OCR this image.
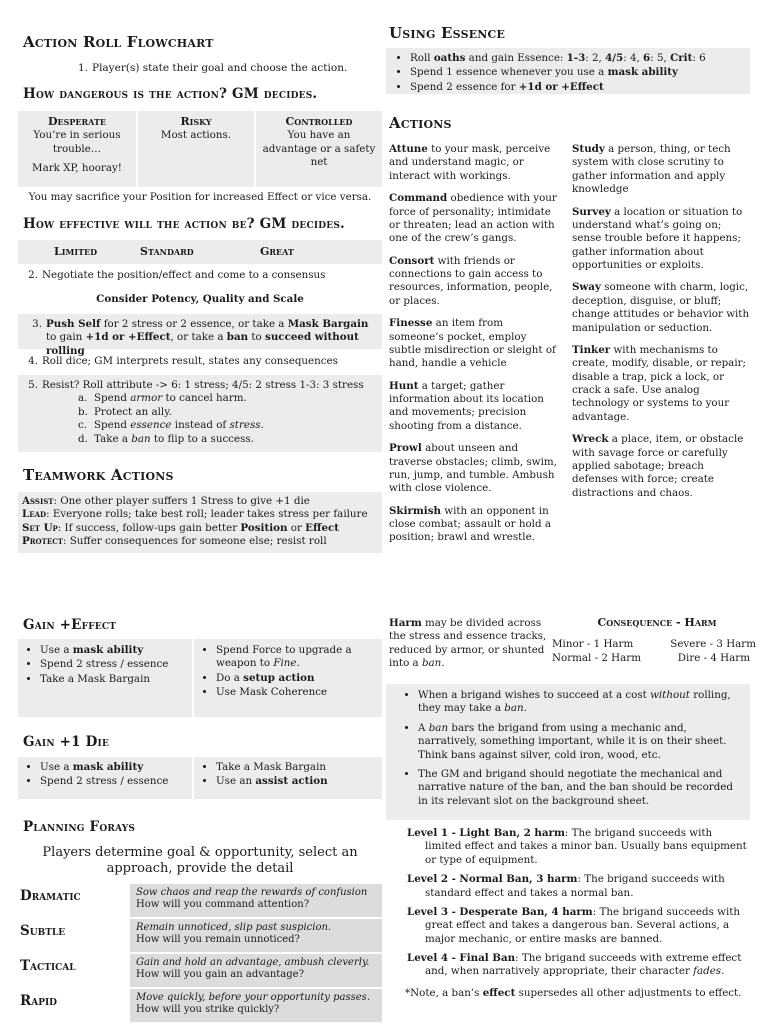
Action Roll Flowchart
1. Player(s) state their goal and choose the action.
How dangerous is the action? GM decides.
Desperate
You’re in serious trouble…
Mark XP, hooray!
Risky
Most actions.
Controlled
You have an advantage or a safety net
You may sacrifice your Position for increased Effect or vice versa.
How effective will the action be? GM decides.
Limited	Standard	Great
2. Negotiate the position/effect and come to a consensus
Consider Potency, Quality and Scale
3. Push Self for 2 stress or 2 essence, or take a Mask Bargain to gain +1d or +Effect, or take a ban to succeed without rolling
4. Roll dice; GM interprets result, states any consequences
5. Resist? Roll attribute -> 6: 1 stress; 4/5: 2 stress 1-3: 3 stress
a. Spend armor to cancel harm.
b. Protect an ally.
c. Spend essence instead of stress.
d. Take a ban to flip to a success.
Teamwork Actions
Assist: One other player suffers 1 Stress to give +1 die
Lead: Everyone rolls; take best roll; leader takes stress per failure
Set Up: If success, follow-ups gain better Position or Effect
Protect: Suffer consequences for someone else; resist roll
Using Essence
• Roll oaths and gain Essence: 1-3: 2, 4/5: 4, 6: 5, Crit: 6
• Spend 1 essence whenever you use a mask ability
• Spend 2 essence for +1d or +Effect
Actions

Attune to your mask, perceive and understand magic, or interact with workings.

Command obedience with your force of personality; intimidate or threaten; lead an action with one of the crew’s gangs.

Consort with friends or connections to gain access to resources, information, people, or places.

Finesse an item from someone’s pocket, employ subtle misdirection or sleight of hand, handle a vehicle

Hunt a target; gather information about its location and movements; precision shooting from a distance.

Prowl about unseen and traverse obstacles; climb, swim, run, jump, and tumble. Ambush with close violence.

Skirmish with an opponent in close combat; assault or hold a position; brawl and wrestle.

Study a person, thing, or tech system with close scrutiny to gather information and apply knowledge

Survey a location or situation to understand what’s going on; sense trouble before it happens; gather information about opportunities or exploits.

Sway someone with charm, logic, deception, disguise, or bluff; change attitudes or behavior with manipulation or seduction.

Tinker with mechanisms to create, modify, disable, or repair; disable a trap, pick a lock, or crack a safe. Use analog technology or systems to your advantage.

Wreck a place, item, or obstacle with savage force or carefully applied sabotage; breach defenses with force; create distractions and chaos.

Gain +Effect
• Use a mask ability
• Spend 2 stress / essence
• Take a Mask Bargain
• Spend Force to upgrade a weapon to Fine.
• Do a setup action
• Use Mask Coherence
Gain +1 Die
• Use a mask ability
• Spend 2 stress / essence
• Take a Mask Bargain
• Use an assist action
Planning Forays
Players determine goal & opportunity, select an approach, provide the detail
Dramatic	Sow chaos and reap the rewards of confusion
How will you command attention?
Subtle	Remain unnoticed, slip past suspicion.
How will you remain unnoticed?
Tactical	Gain and hold an advantage, ambush cleverly.
How will you gain an advantage?
Rapid	Move quickly, before your opportunity passes.
How will you strike quickly?
Harm may be divided across the stress and essence tracks, reduced by armor, or shunted into a ban.
Consequence - Harm
Minor - 1 Harm	Severe - 3 Harm
Normal - 2 Harm	Dire - 4 Harm
• When a brigand wishes to succeed at a cost without rolling, they may take a ban.
• A ban bars the brigand from using a mechanic and, narratively, something important, while it is on their sheet. Think bans against silver, cold iron, wood, etc.
• The GM and brigand should negotiate the mechanical and narrative nature of the ban, and the ban should be recorded in its relevant slot on the background sheet.

Level 1 - Light Ban, 2 harm: The brigand succeeds with limited effect and takes a minor ban. Usually bans equipment or type of equipment.

Level 2 - Normal Ban, 3 harm: The brigand succeeds with standard effect and takes a normal ban.

Level 3 - Desperate Ban, 4 harm: The brigand succeeds with great effect and takes a dangerous ban. Several actions, a major mechanic, or entire masks are banned.

Level 4 - Final Ban: The brigand succeeds with extreme effect and, when narratively appropriate, their character fades.

*Note, a ban’s effect supersedes all other adjustments to effect.
